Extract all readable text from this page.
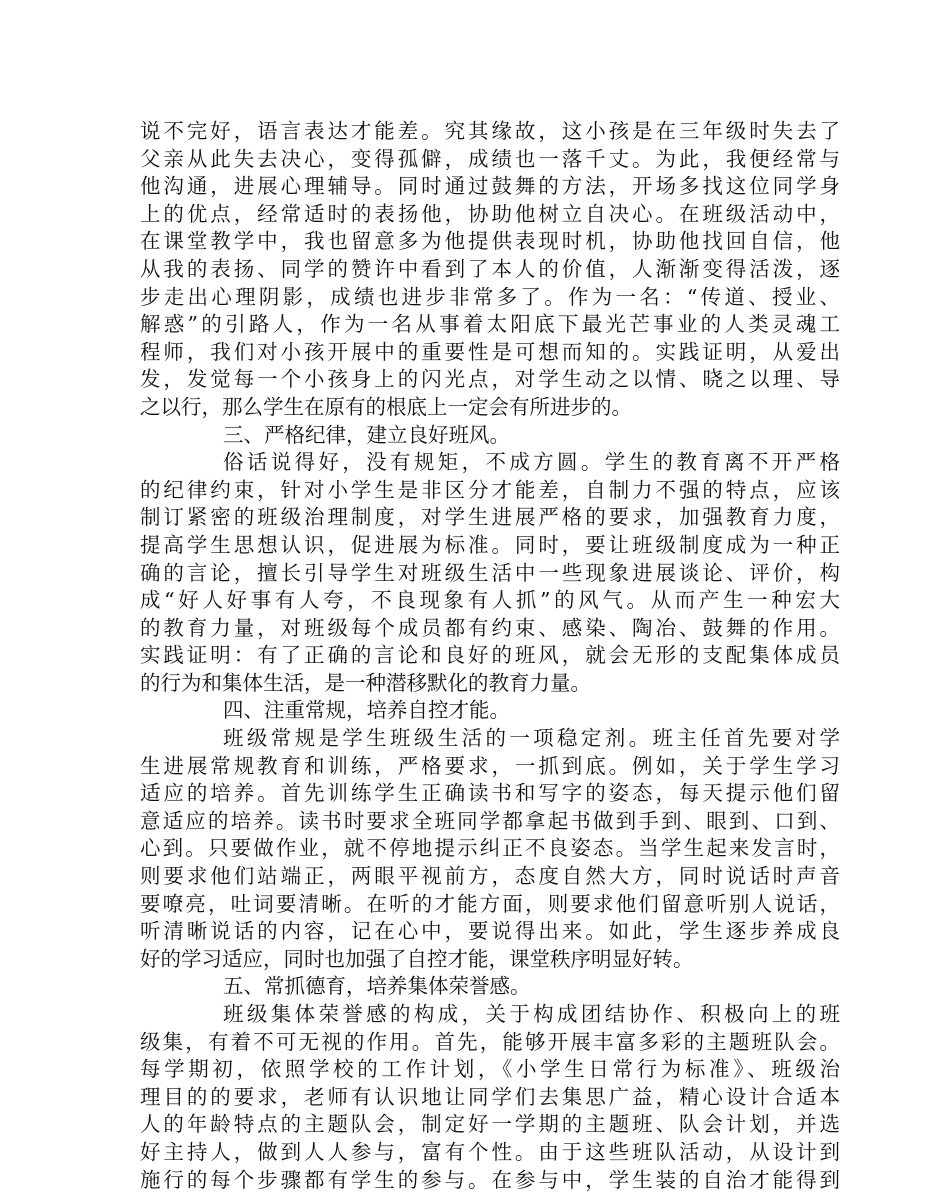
说不完好，语言表达才能差。究其缘故，这小孩是在三年级时失去了
父亲从此失去决心，变得孤僻，成绩也一落千丈。为此，我便经常与
他沟通，进展心理辅导。同时通过鼓舞的方法，开场多找这位同学身
上的优点，经常适时的表扬他，协助他树立自决心。在班级活动中，
在课堂教学中，我也留意多为他提供表现时机，协助他找回自信，他
从我的表扬、同学的赞许中看到了本人的价值，人渐渐变得活泼，逐
步走出心理阴影，成绩也进步非常多了。作为一名：“传道、授业、
解惑”的引路人，作为一名从事着太阳底下最光芒事业的人类灵魂工
程师，我们对小孩开展中的重要性是可想而知的。实践证明，从爱出
发，发觉每一个小孩身上的闪光点，对学生动之以情、晓之以理、导
之以行，那么学生在原有的根底上一定会有所进步的。
三、严格纪律，建立良好班风。
俗话说得好，没有规矩，不成方圆。学生的教育离不开严格
的纪律约束，针对小学生是非区分才能差，自制力不强的特点，应该
制订紧密的班级治理制度，对学生进展严格的要求，加强教育力度，
提高学生思想认识，促进展为标准。同时，要让班级制度成为一种正
确的言论，擅长引导学生对班级生活中一些现象进展谈论、评价，构
成“好人好事有人夸，不良现象有人抓”的风气。从而产生一种宏大
的教育力量，对班级每个成员都有约束、感染、陶冶、鼓舞的作用。
实践证明：有了正确的言论和良好的班风，就会无形的支配集体成员
的行为和集体生活，是一种潜移默化的教育力量。
四、注重常规，培养自控才能。
班级常规是学生班级生活的一项稳定剂。班主任首先要对学
生进展常规教育和训练，严格要求，一抓到底。例如，关于学生学习
适应的培养。首先训练学生正确读书和写字的姿态，每天提示他们留
意适应的培养。读书时要求全班同学都拿起书做到手到、眼到、口到、
心到。只要做作业，就不停地提示纠正不良姿态。当学生起来发言时，
则要求他们站端正，两眼平视前方，态度自然大方，同时说话时声音
要嘹亮，吐词要清晰。在听的才能方面，则要求他们留意听别人说话，
听清晰说话的内容，记在心中，要说得出来。如此，学生逐步养成良
好的学习适应，同时也加强了自控才能，课堂秩序明显好转。
五、常抓德育，培养集体荣誉感。
班级集体荣誉感的构成，关于构成团结协作、积极向上的班
级集，有着不可无视的作用。首先，能够开展丰富多彩的主题班队会。
每学期初，依照学校的工作计划，《小学生日常行为标准》、班级治
理目的的要求，老师有认识地让同学们去集思广益，精心设计合适本
人的年龄特点的主题队会，制定好一学期的主题班、队会计划，并选
好主持人，做到人人参与，富有个性。由于这些班队活动，从设计到
施行的每个步骤都有学生的参与。在参与中，学生装的自治才能得到
